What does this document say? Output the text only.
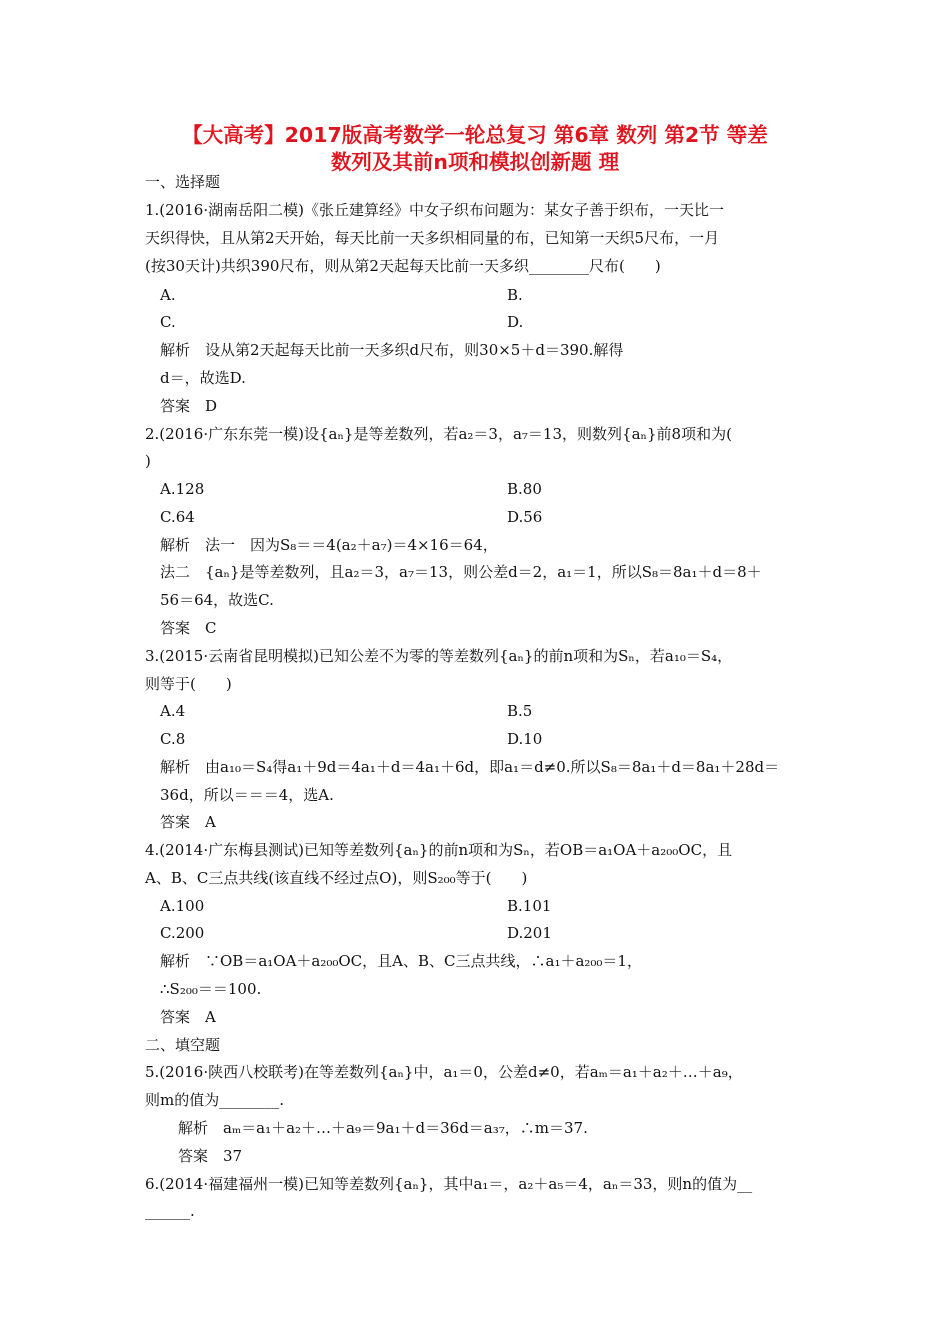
【大高考】2017版高考数学一轮总复习 第6章 数列 第2节 等差
数列及其前n项和模拟创新题 理
一、选择题
1.(2016·湖南岳阳二模)《张丘建算经》中女子织布问题为：某女子善于织布，一天比一
天织得快，且从第2天开始，每天比前一天多织相同量的布，已知第一天织5尺布，一月
(按30天计)共织390尺布，则从第2天起每天比前一天多织________尺布(　　)
A.	B.
C.	D.
解析　设从第2天起每天比前一天多织d尺布，则30×5＋d＝390.解得
d＝，故选D.
答案　D
2.(2016·广东东莞一模)设{aₙ}是等差数列，若a₂＝3，a₇＝13，则数列{aₙ}前8项和为(
)
A.128	B.80
C.64	D.56
解析　法一　因为S₈＝＝4(a₂＋a₇)＝4×16＝64，
法二　{aₙ}是等差数列，且a₂＝3，a₇＝13，则公差d＝2，a₁＝1，所以S₈＝8a₁＋d＝8＋
56＝64，故选C.
答案　C
3.(2015·云南省昆明模拟)已知公差不为零的等差数列{aₙ}的前n项和为Sₙ，若a₁₀＝S₄，
则等于(　　)
A.4	B.5
C.8	D.10
解析　由a₁₀＝S₄得a₁＋9d＝4a₁＋d＝4a₁＋6d，即a₁＝d≠0.所以S₈＝8a₁＋d＝8a₁＋28d＝
36d，所以＝＝＝4，选A.
答案　A
4.(2014·广东梅县测试)已知等差数列{aₙ}的前n项和为Sₙ，若OB＝a₁OA＋a₂₀₀OC，且
A、B、C三点共线(该直线不经过点O)，则S₂₀₀等于(　　)
A.100	B.101
C.200	D.201
解析　∵OB＝a₁OA＋a₂₀₀OC，且A、B、C三点共线，∴a₁＋a₂₀₀＝1，
∴S₂₀₀＝＝100.
答案　A
二、填空题
5.(2016·陕西八校联考)在等差数列{aₙ}中，a₁＝0，公差d≠0，若aₘ＝a₁＋a₂＋…＋a₉，
则m的值为________.
解析　aₘ＝a₁＋a₂＋…＋a₉＝9a₁＋d＝36d＝a₃₇，∴m＝37.
答案　37
6.(2014·福建福州一模)已知等差数列{aₙ}，其中a₁＝，a₂＋a₅＝4，aₙ＝33，则n的值为__
______.
